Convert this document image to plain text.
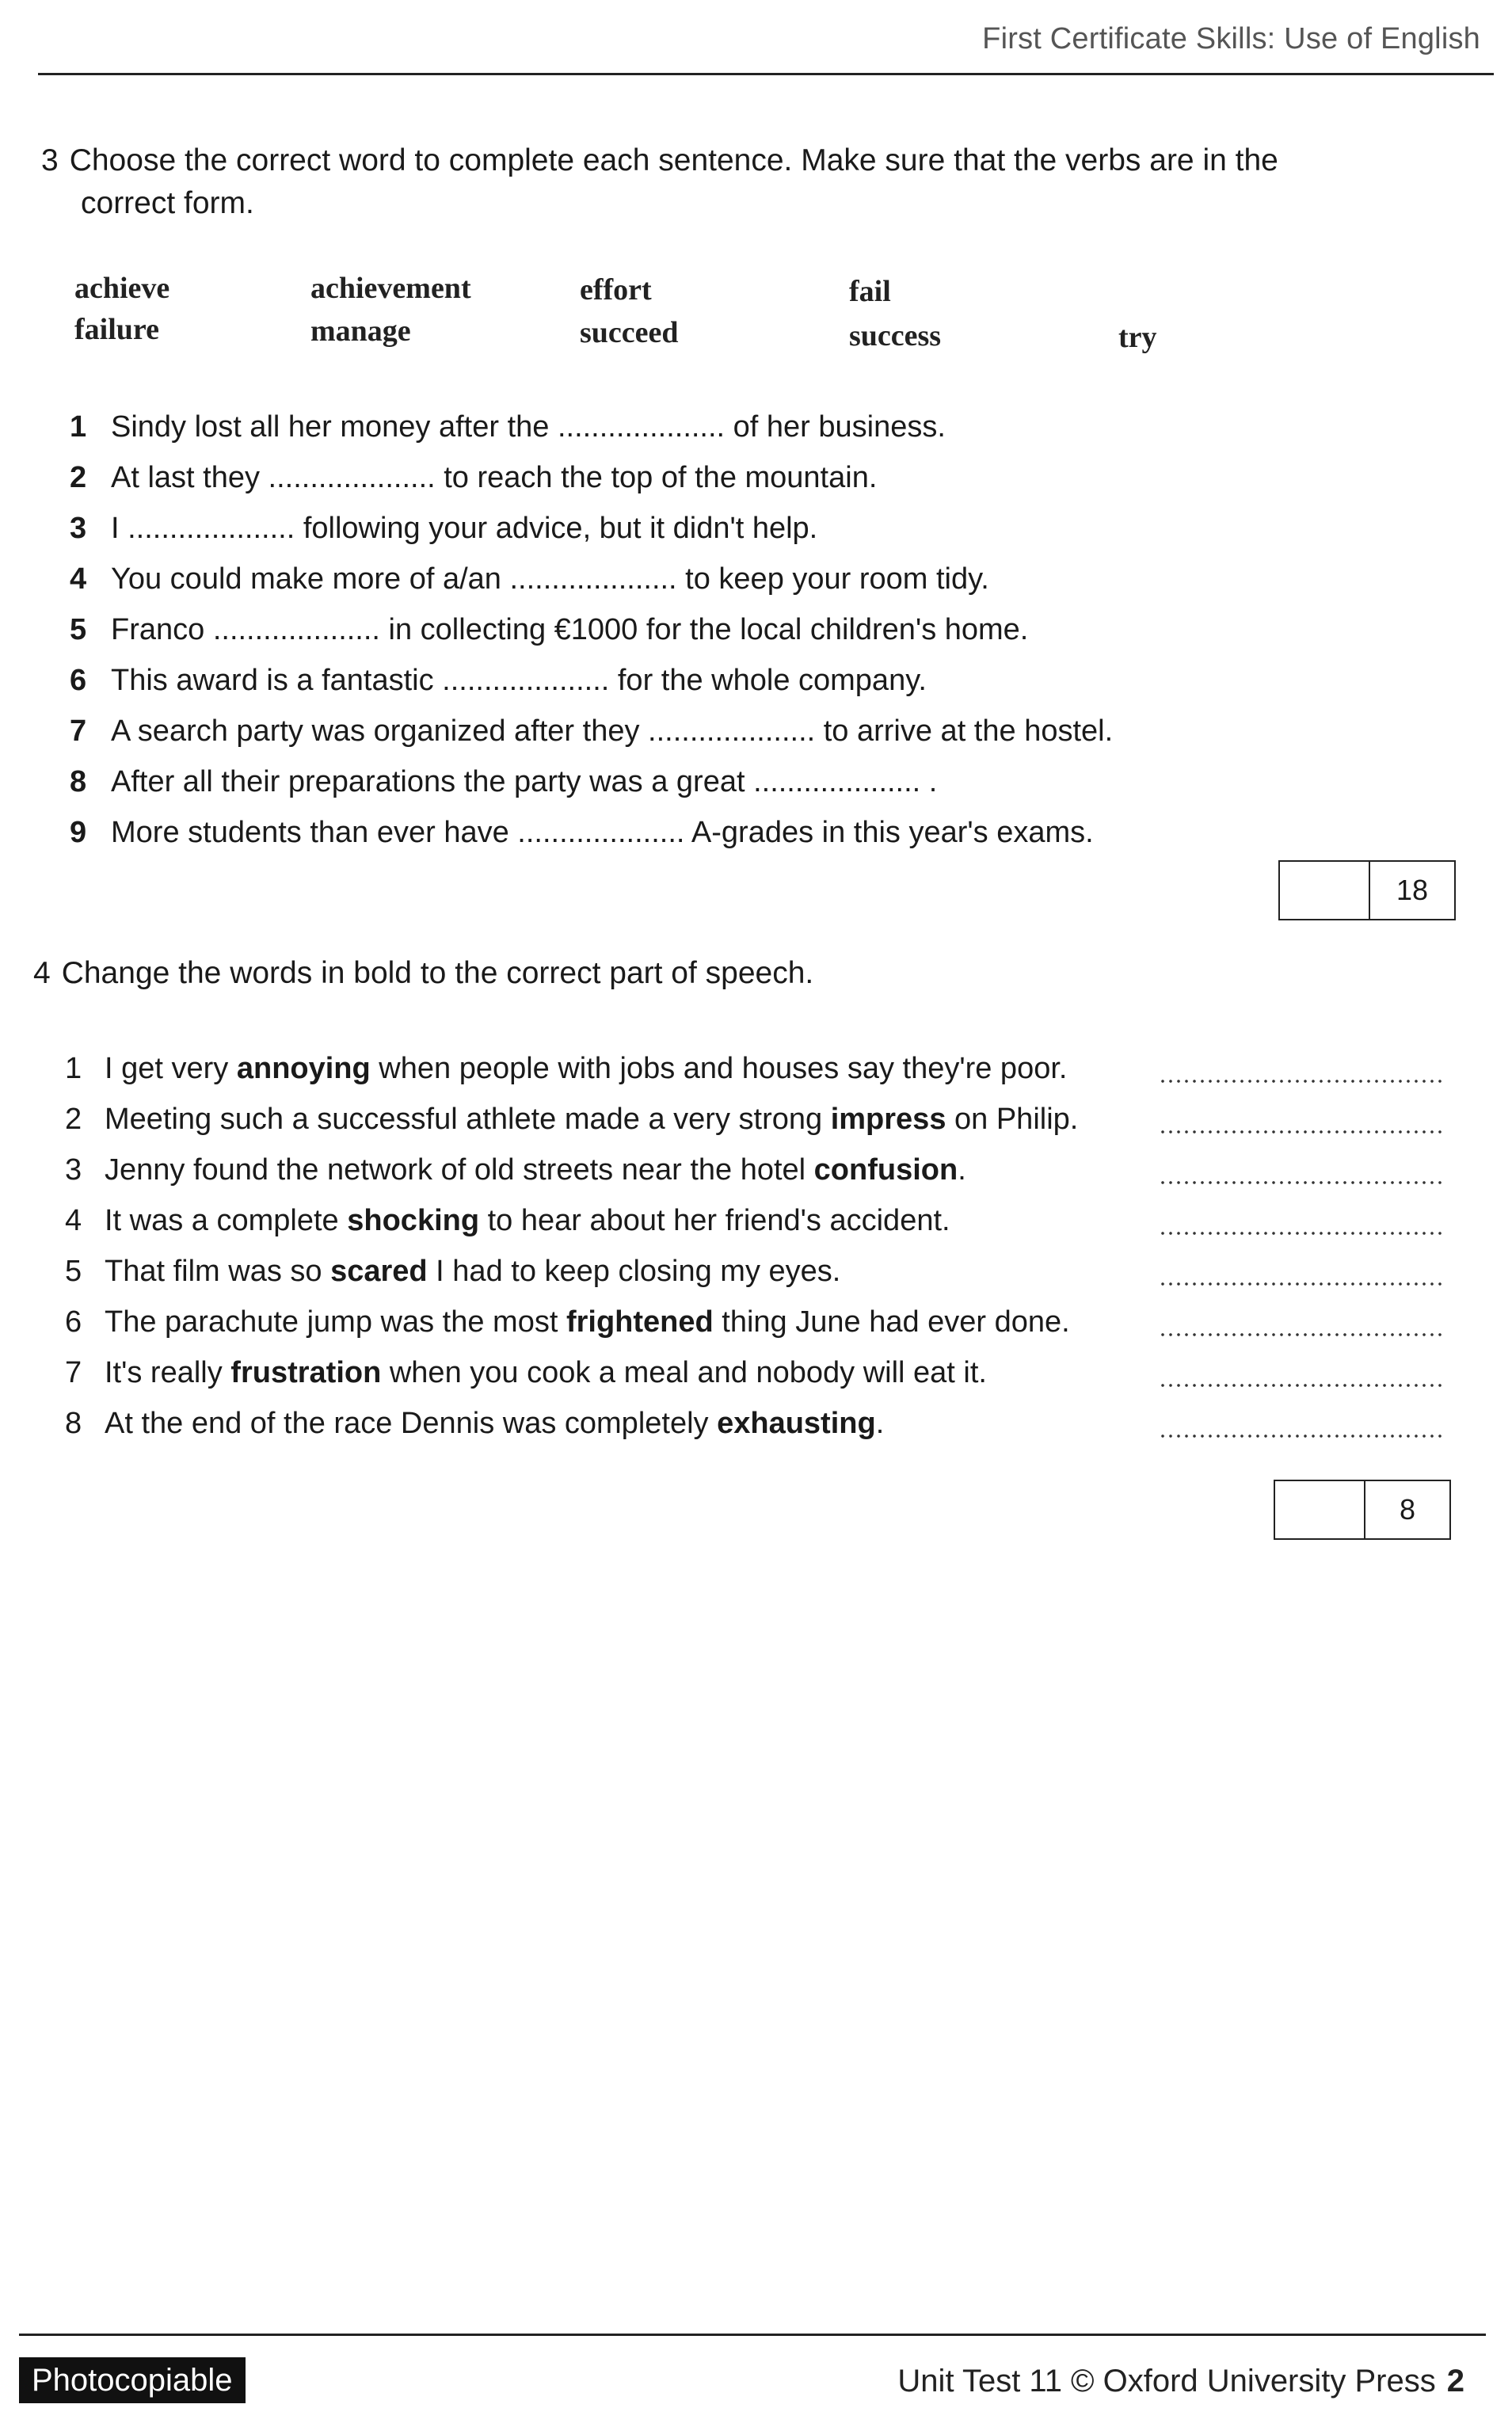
First Certificate Skills: Use of English
3 Choose the correct word to complete each sentence. Make sure that the verbs are in the
correct form.
achieve
failure
achievement
manage
effort
succeed
fail
success	try
1 Sindy lost all her money after the .................... of her business.
2 At last they .................... to reach the top of the mountain.
3 I .................... following your advice, but it didn't help.
4 You could make more of a/an .................... to keep your room tidy.
5 Franco .................... in collecting €1000 for the local children's home.
6 This award is a fantastic .................... for the whole company.
7 A search party was organized after they .................... to arrive at the hostel.
8 After all their preparations the party was a great .................... .
9 More students than ever have .................... A-grades in this year's exams.
18
4 Change the words in bold to the correct part of speech.
1 I get very annoying when people with jobs and houses say they're poor.
2 Meeting such a successful athlete made a very strong impress on Philip.
3 Jenny found the network of old streets near the hotel confusion.
4 It was a complete shocking to hear about her friend's accident.
5 That film was so scared I had to keep closing my eyes.
6 The parachute jump was the most frightened thing June had ever done.
7 It's really frustration when you cook a meal and nobody will eat it.
8 At the end of the race Dennis was completely exhausting.
8
Photocopiable	Unit Test 11 © Oxford University Press 2
